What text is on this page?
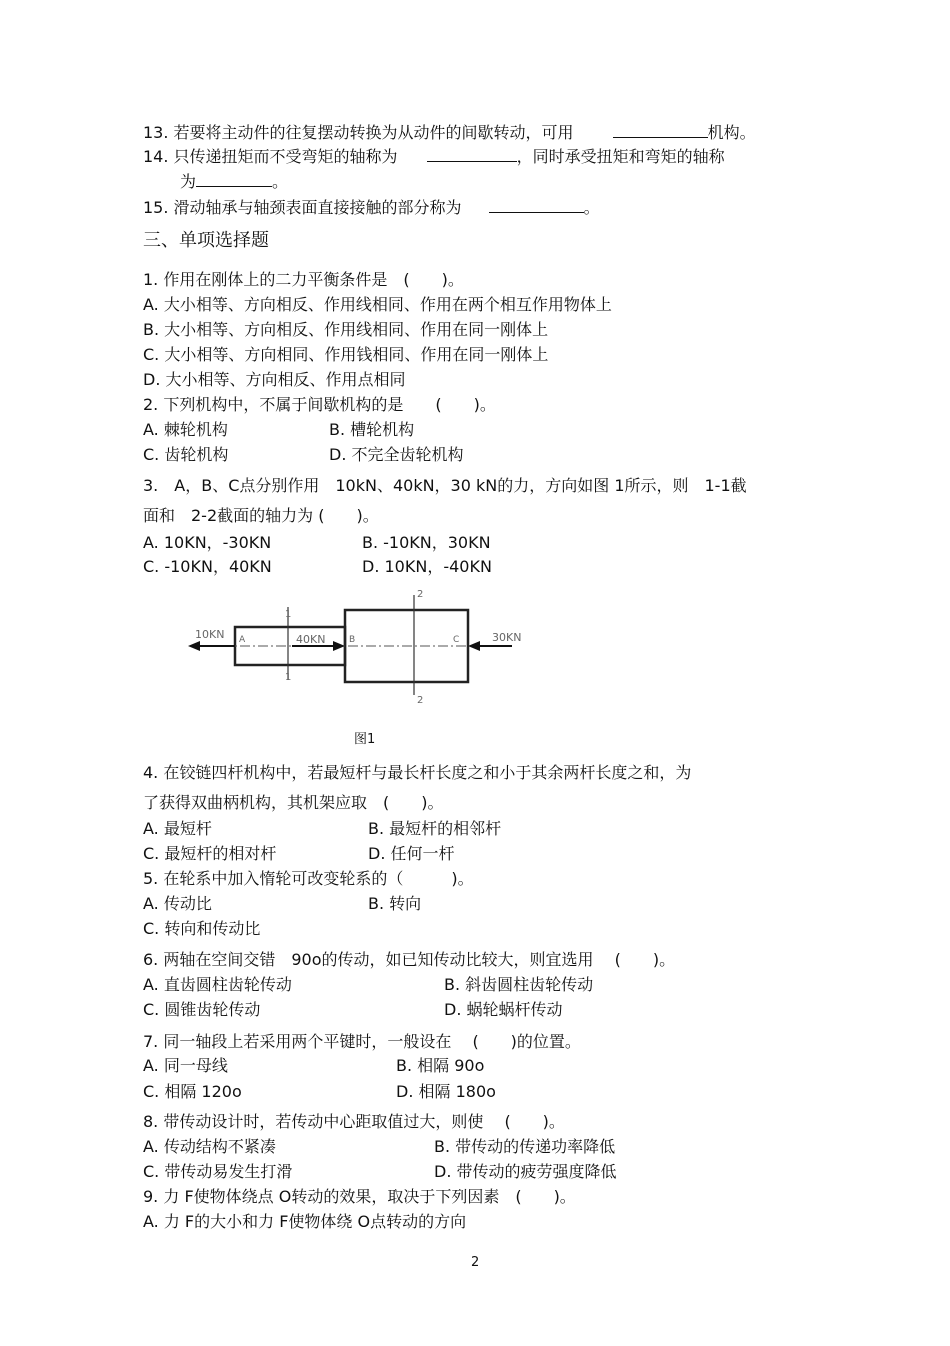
13. 若要将主动件的往复摆动转换为从动件的间歇转动，可用	机构。
14. 只传递扭矩而不受弯矩的轴称为	，同时承受扭矩和弯矩的轴称
为	。
15. 滑动轴承与轴颈表面直接接触的部分称为	。
三、单项选择题
1. 作用在刚体上的二力平衡条件是　(　　)。
A. 大小相等、方向相反、作用线相同、作用在两个相互作用物体上
B. 大小相等、方向相反、作用线相同、作用在同一刚体上
C. 大小相等、方向相同、作用钱相同、作用在同一刚体上
D. 大小相等、方向相反、作用点相同
2. 下列机构中，不属于间歇机构的是　　(　　)。
A. 棘轮机构	B. 槽轮机构
C. 齿轮机构	D. 不完全齿轮机构
3.　A，B、C点分别作用　10kN、40kN，30 kN的力，方向如图 1所示，则　1-1截
面和　2-2截面的轴力为 (　　)。
A. 10KN，-30KN	B. -10KN，30KN
C. -10KN，40KN	D. 10KN，-40KN
10KN	40KN	30KN
A	B	C
1
1
2
2
图1
4. 在铰链四杆机构中，若最短杆与最长杆长度之和小于其余两杆长度之和，为
了获得双曲柄机构，其机架应取　(　　)。
A. 最短杆	B. 最短杆的相邻杆
C. 最短杆的相对杆	D. 任何一杆
5. 在轮系中加入惰轮可改变轮系的（　　　)。
A. 传动比	B. 转向
C. 转向和传动比
6. 两轴在空间交错　90o的传动，如已知传动比较大，则宜选用　 (　　)。
A. 直齿圆柱齿轮传动	B. 斜齿圆柱齿轮传动
C. 圆锥齿轮传动	D. 蜗轮蜗杆传动
7. 同一轴段上若采用两个平键时，一般设在　 (　　)的位置。
A. 同一母线	B. 相隔 90o
C. 相隔 120o	D. 相隔 180o
8. 带传动设计时，若传动中心距取值过大，则使　 (　　)。
A. 传动结构不紧凑	B. 带传动的传递功率降低
C. 带传动易发生打滑	D. 带传动的疲劳强度降低
9. 力 F使物体绕点 O转动的效果，取决于下列因素　(　　)。
A. 力 F的大小和力 F使物体绕 O点转动的方向
2
